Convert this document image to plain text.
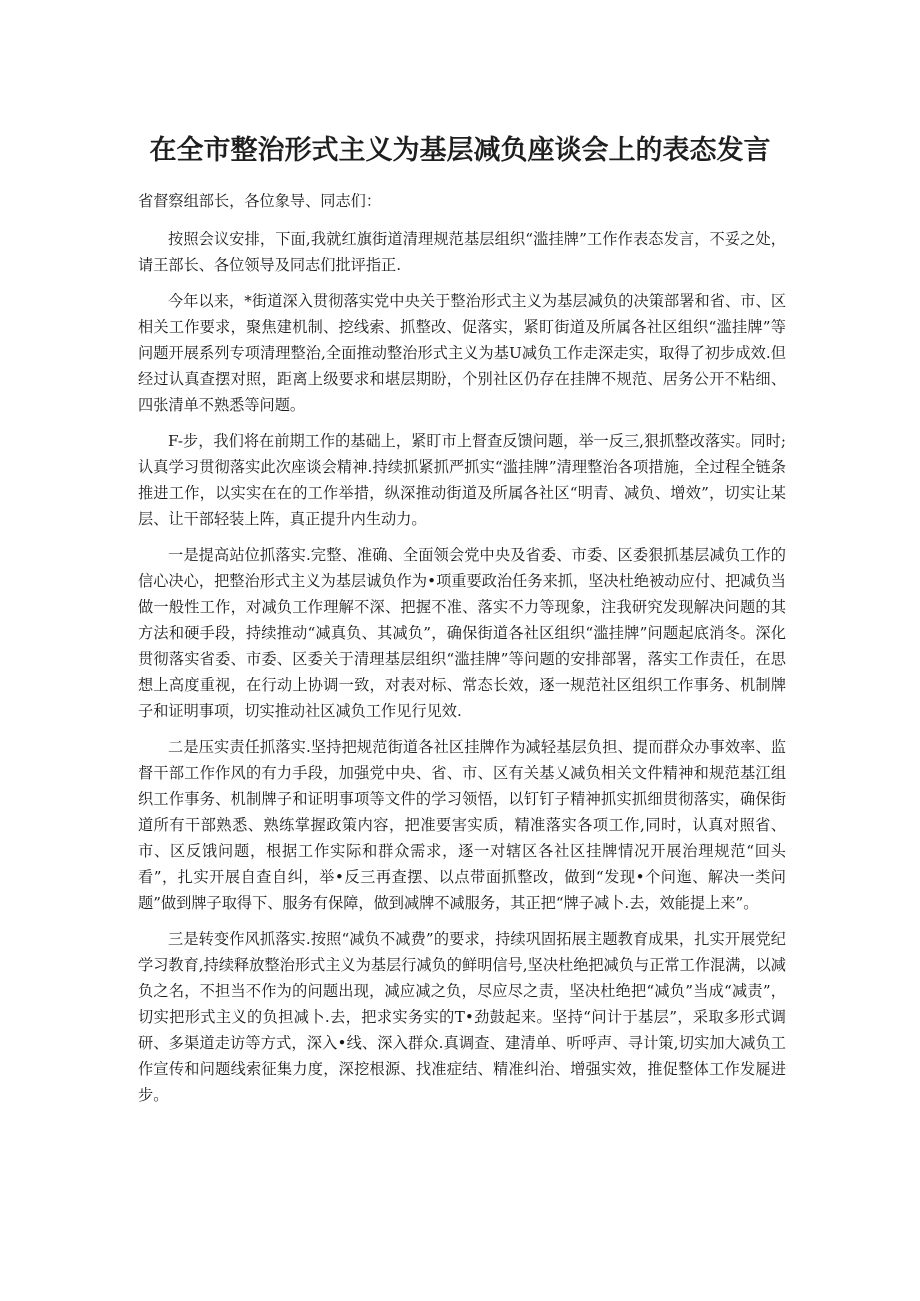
在全市整治形式主义为基层减负座谈会上的表态发言

省督察组部长，各位象导、同志们：

按照会议安排，下面,我就红旗街道清理规范基层组织“滥挂牌”工作作表态发言，不妥之处，请王部长、各位领导及同志们批评指正.

今年以来，*街道深入贯彻落实党中央关于整治形式主义为基层减负的决策部署和省、市、区相关工作要求，聚焦建机制、挖线索、抓整改、促落实，紧盯街道及所属各社区组织“滥挂牌”等问题开展系列专项清理整治,全面推动整治形式主义为基U减负工作走深走实，取得了初步成效.但经过认真查摆对照，距离上级要求和堪层期盼，个别社区仍存在挂牌不规范、居务公开不粘细、四张清单不熟悉等问题。

F-步，我们将在前期工作的基础上，紧盯市上督查反馈问题，举一反三,狠抓整改落实。同时;认真学习贯彻落实此次座谈会精神.持续抓紧抓严抓实“滥挂牌”清理整治各项措施，全过程全链条推进工作，以实实在在的工作举措，纵深推动街道及所属各社区“明青、减负、增效”，切实让某层、让干部轻装上阵，真正提升内生动力。

一是提高站位抓落实.完整、准确、全面领会党中央及省委、市委、区委狠抓基层减负工作的信心决心，把整治形式主义为基层诚负作为•项重要政治任务来抓，坚决杜绝被动应付、把减负当做一般性工作，对减负工作理解不深、把握不准、落实不力等现象，注我研究发现解决问题的其方法和硬手段，持续推动“减真负、其减负”，确保街道各社区组织“滥挂牌”问题起底消冬。深化贯彻落实省委、市委、区委关于清理基层组织“滥挂牌”等问题的安排部署，落实工作责任，在思想上高度重视，在行动上协调一致，对表对标、常态长效，逐一规范社区组织工作事务、机制牌子和证明事项，切实推动社区减负工作见行见效.

二是压实责任抓落实.坚持把规范街道各社区挂牌作为减轻基层负担、提而群众办事效率、监督干部工作作风的有力手段，加强党中央、省、市、区有关基乂减负相关文件精神和规范基江组织工作事务、机制牌子和证明事项等文件的学习领悟，以钉钉子精神抓实抓细贯彻落实，确保街道所有干部熟悉、熟练掌握政策内容，把准要害实质，精准落实各项工作,同时，认真对照省、市、区反饿问题，根据工作实际和群众需求，逐一对辖区各社区挂牌情况开展治理规范“回头看”，扎实开展自查自纠，举•反三再查摆、以点带面抓整改，做到“发现•个问迤、解决一类问题”做到牌子取得下、服务有保障，做到减牌不减服务，其正把“牌子减卜.去，效能提上来”。

三是转变作风抓落实.按照“减负不减费”的要求，持续巩固拓展主题教育成果，扎实开展党纪学习教育,持续释放整治形式主义为基层行减负的鲜明信号,坚决杜绝把减负与正常工作混满，以减负之名，不担当不作为的问题出现，减应减之负，尽应尽之责，坚决杜绝把“减负”当成“减责”，切实把形式主义的负担减卜.去，把求实务实的T•劲鼓起来。坚持“问计于基层”，采取多形式调研、多渠道走访等方式，深入•线、深入群众.真调查、建清单、听呼声、寻计策,切实加大减负工作宣传和问题线索征集力度，深挖根源、找准症结、精准纠治、增强实效，推促整体工作发屣进步。
